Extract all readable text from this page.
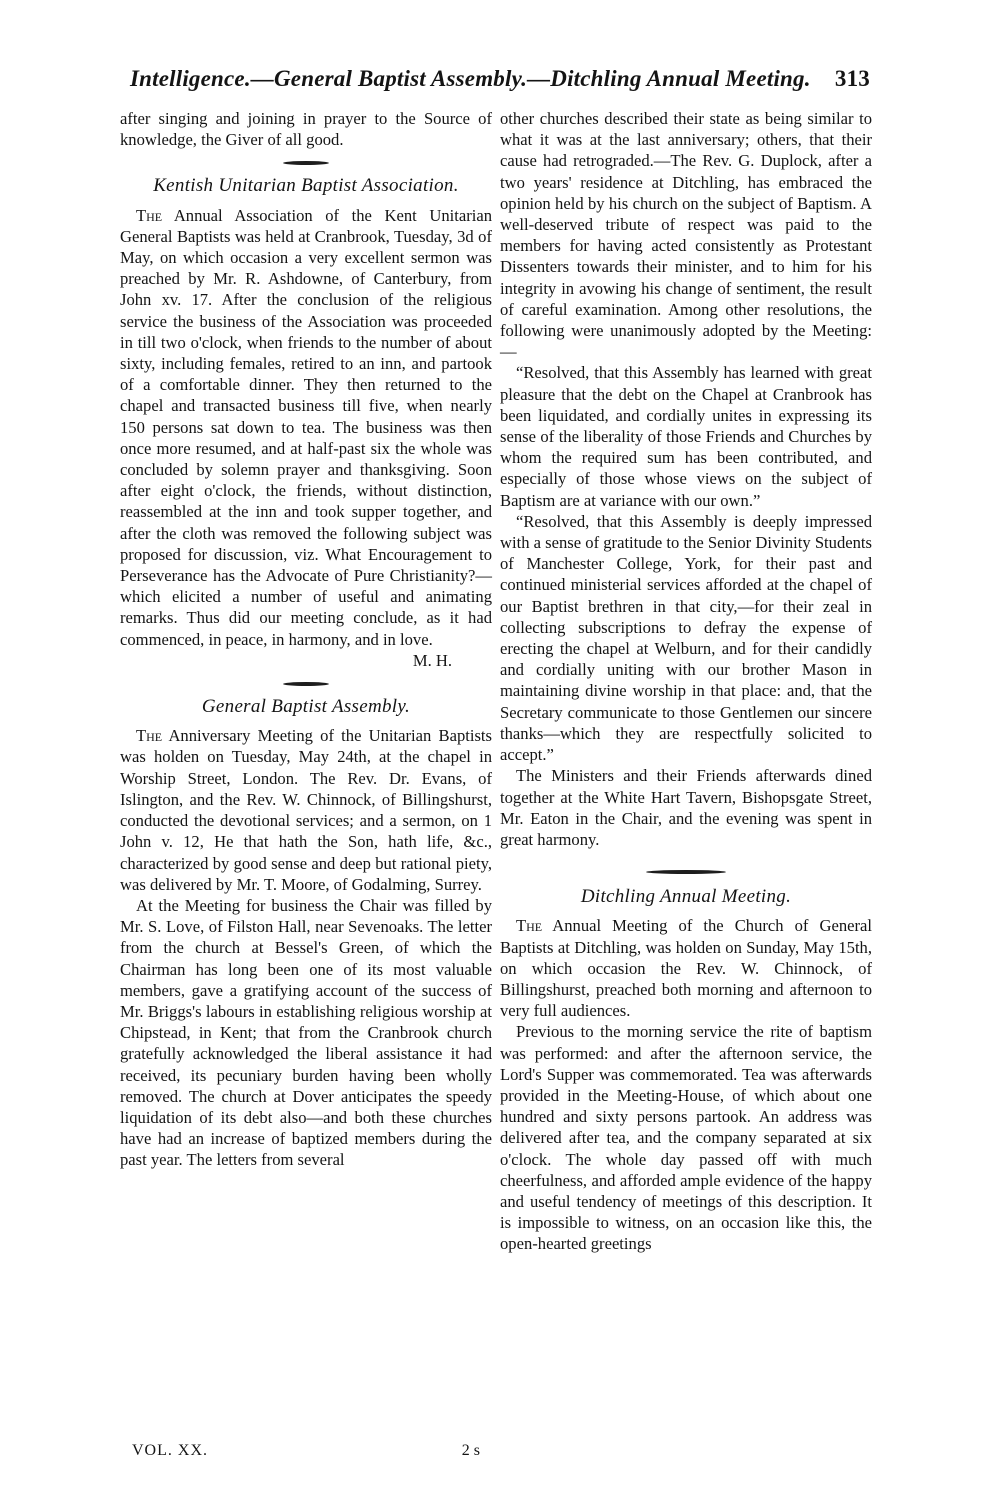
Intelligence.—General Baptist Assembly.—Ditchling Annual Meeting. 313

after singing and joining in prayer to the Source of knowledge, the Giver of all good.

Kentish Unitarian Baptist Association.

The Annual Association of the Kent Unitarian General Baptists was held at Cranbrook, Tuesday, 3d of May, on which occasion a very excellent sermon was preached by Mr. R. Ashdowne, of Canterbury, from John xv. 17. After the conclusion of the religious service the business of the Association was proceeded in till two o'clock, when friends to the number of about sixty, including females, retired to an inn, and partook of a comfortable dinner. They then returned to the chapel and transacted business till five, when nearly 150 persons sat down to tea. The business was then once more resumed, and at half-past six the whole was concluded by solemn prayer and thanksgiving. Soon after eight o'clock, the friends, without distinction, reassembled at the inn and took supper together, and after the cloth was removed the following subject was proposed for discussion, viz. What Encouragement to Perseverance has the Advocate of Pure Christianity?—which elicited a number of useful and animating remarks. Thus did our meeting conclude, as it had commenced, in peace, in harmony, and in love.

M. H.

General Baptist Assembly.

The Anniversary Meeting of the Unitarian Baptists was holden on Tuesday, May 24th, at the chapel in Worship Street, London. The Rev. Dr. Evans, of Islington, and the Rev. W. Chinnock, of Billingshurst, conducted the devotional services; and a sermon, on 1 John v. 12, He that hath the Son, hath life, &c., characterized by good sense and deep but rational piety, was delivered by Mr. T. Moore, of Godalming, Surrey.

At the Meeting for business the Chair was filled by Mr. S. Love, of Filston Hall, near Sevenoaks. The letter from the church at Bessel's Green, of which the Chairman has long been one of its most valuable members, gave a gratifying account of the success of Mr. Briggs's labours in establishing religious worship at Chipstead, in Kent; that from the Cranbrook church gratefully acknowledged the liberal assistance it had received, its pecuniary burden having been wholly removed. The church at Dover anticipates the speedy liquidation of its debt also—and both these churches have had an increase of baptized members during the past year. The letters from several

other churches described their state as being similar to what it was at the last anniversary; others, that their cause had retrograded.—The Rev. G. Duplock, after a two years' residence at Ditchling, has embraced the opinion held by his church on the subject of Baptism. A well-deserved tribute of respect was paid to the members for having acted consistently as Protestant Dissenters towards their minister, and to him for his integrity in avowing his change of sentiment, the result of careful examination. Among other resolutions, the following were unanimously adopted by the Meeting:—

“Resolved, that this Assembly has learned with great pleasure that the debt on the Chapel at Cranbrook has been liquidated, and cordially unites in expressing its sense of the liberality of those Friends and Churches by whom the required sum has been contributed, and especially of those whose views on the subject of Baptism are at variance with our own.”

“Resolved, that this Assembly is deeply impressed with a sense of gratitude to the Senior Divinity Students of Manchester College, York, for their past and continued ministerial services afforded at the chapel of our Baptist brethren in that city,—for their zeal in collecting subscriptions to defray the expense of erecting the chapel at Welburn, and for their candidly and cordially uniting with our brother Mason in maintaining divine worship in that place: and, that the Secretary communicate to those Gentlemen our sincere thanks—which they are respectfully solicited to accept.”

The Ministers and their Friends afterwards dined together at the White Hart Tavern, Bishopsgate Street, Mr. Eaton in the Chair, and the evening was spent in great harmony.

Ditchling Annual Meeting.

The Annual Meeting of the Church of General Baptists at Ditchling, was holden on Sunday, May 15th, on which occasion the Rev. W. Chinnock, of Billingshurst, preached both morning and afternoon to very full audiences.

Previous to the morning service the rite of baptism was performed: and after the afternoon service, the Lord's Supper was commemorated. Tea was afterwards provided in the Meeting-House, of which about one hundred and sixty persons partook. An address was delivered after tea, and the company separated at six o'clock. The whole day passed off with much cheerfulness, and afforded ample evidence of the happy and useful tendency of meetings of this description. It is impossible to witness, on an occasion like this, the open-hearted greetings

VOL. XX.	2 s
